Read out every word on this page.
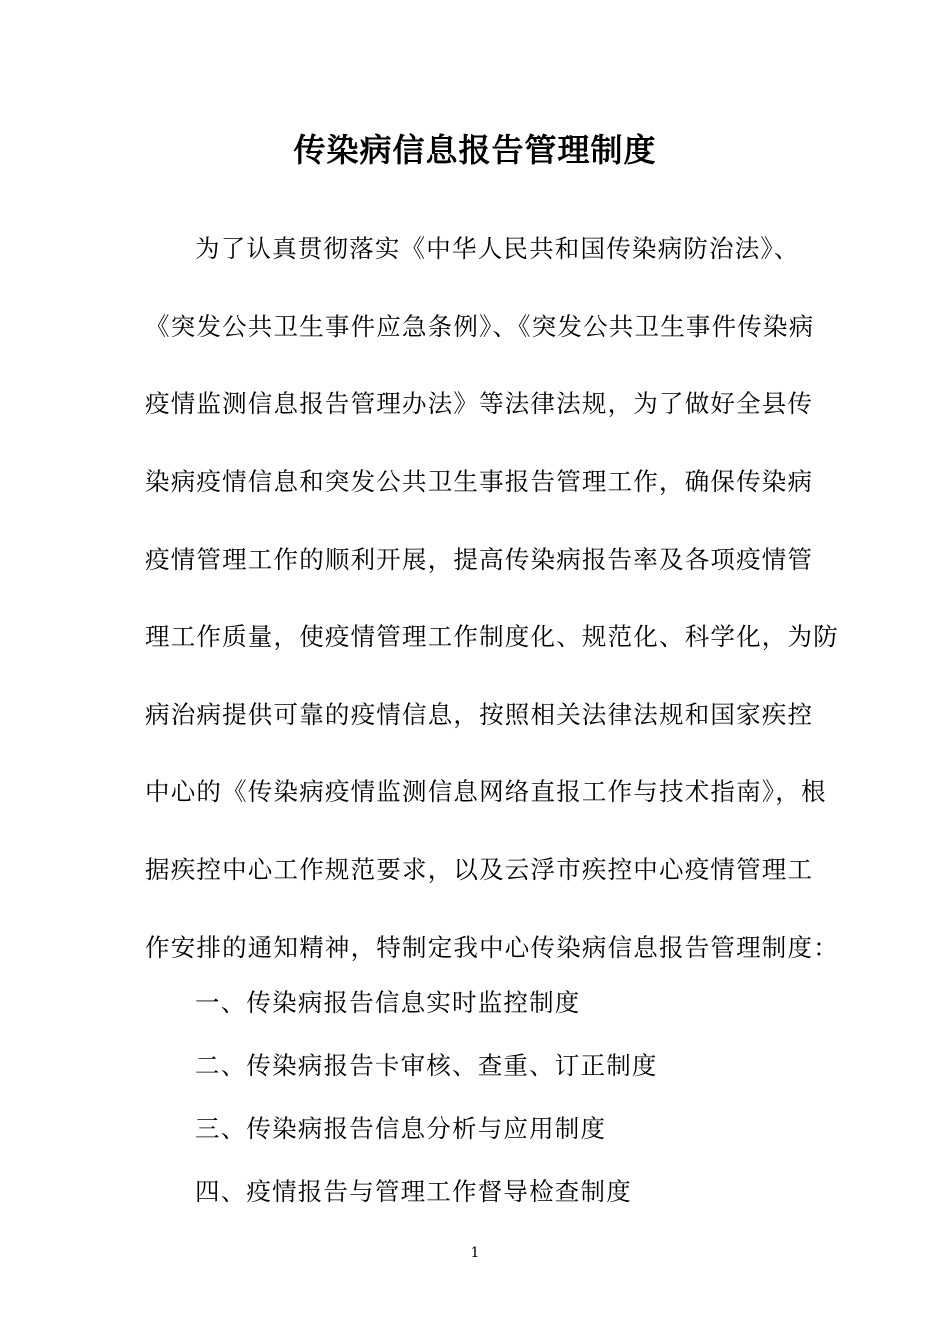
传染病信息报告管理制度
为了认真贯彻落实《中华人民共和国传染病防治法》、
《突发公共卫生事件应急条例》、《突发公共卫生事件传染病
疫情监测信息报告管理办法》等法律法规，为了做好全县传
染病疫情信息和突发公共卫生事报告管理工作，确保传染病
疫情管理工作的顺利开展，提高传染病报告率及各项疫情管
理工作质量，使疫情管理工作制度化、规范化、科学化，为防
病治病提供可靠的疫情信息，按照相关法律法规和国家疾控
中心的《传染病疫情监测信息网络直报工作与技术指南》，根
据疾控中心工作规范要求，以及云浮市疾控中心疫情管理工
作安排的通知精神，特制定我中心传染病信息报告管理制度：
一、传染病报告信息实时监控制度
二、传染病报告卡审核、查重、订正制度
三、传染病报告信息分析与应用制度
四、疫情报告与管理工作督导检查制度
1
